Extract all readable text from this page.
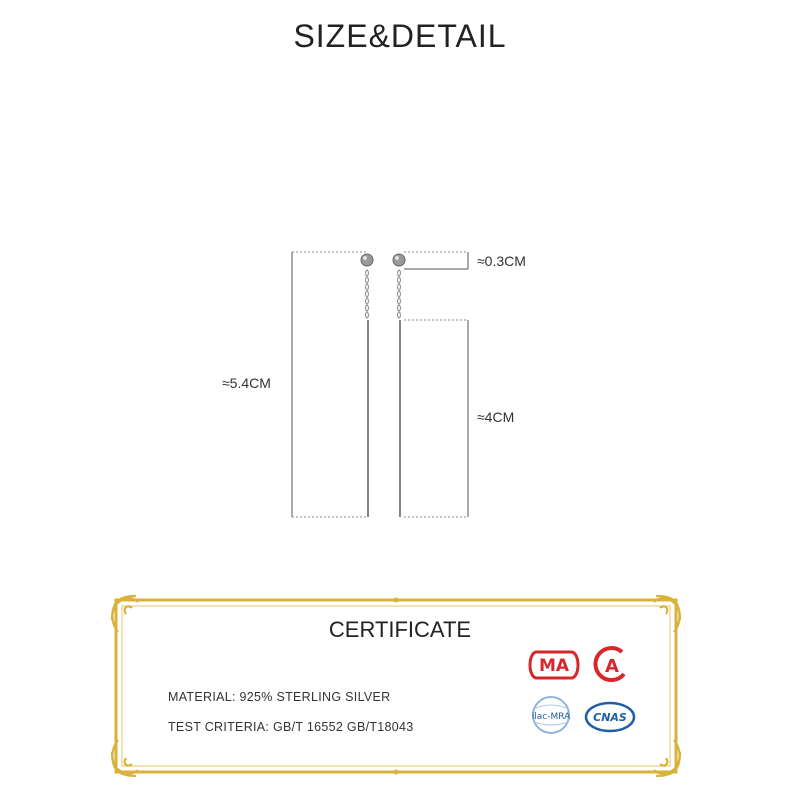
SIZE&DETAIL
≈5.4CM
≈0.3CM
≈4CM
CERTIFICATE
MATERIAL: 925% STERLING SILVER
TEST CRITERIA: GB/T 16552 GB/T18043
MA A
ilac-MRA CNAS
